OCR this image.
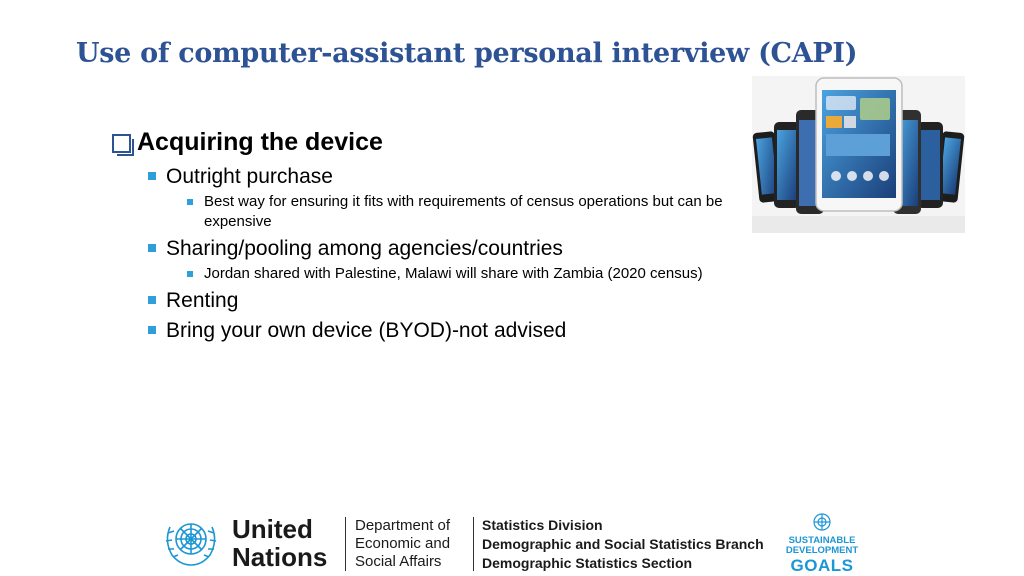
Use of computer-assistant personal interview (CAPI)
Acquiring the device
Outright purchase
Best way for ensuring it fits with requirements of census operations but can be expensive
Sharing/pooling among agencies/countries
Jordan shared with Palestine, Malawi will share with Zambia (2020 census)
Renting
Bring your own device (BYOD)-not advised
United
Nations
Department of
Economic and
Social Affairs
Statistics Division
Demographic and Social Statistics Branch
Demographic Statistics Section
SUSTAINABLE
DEVELOPMENT
GOALS
